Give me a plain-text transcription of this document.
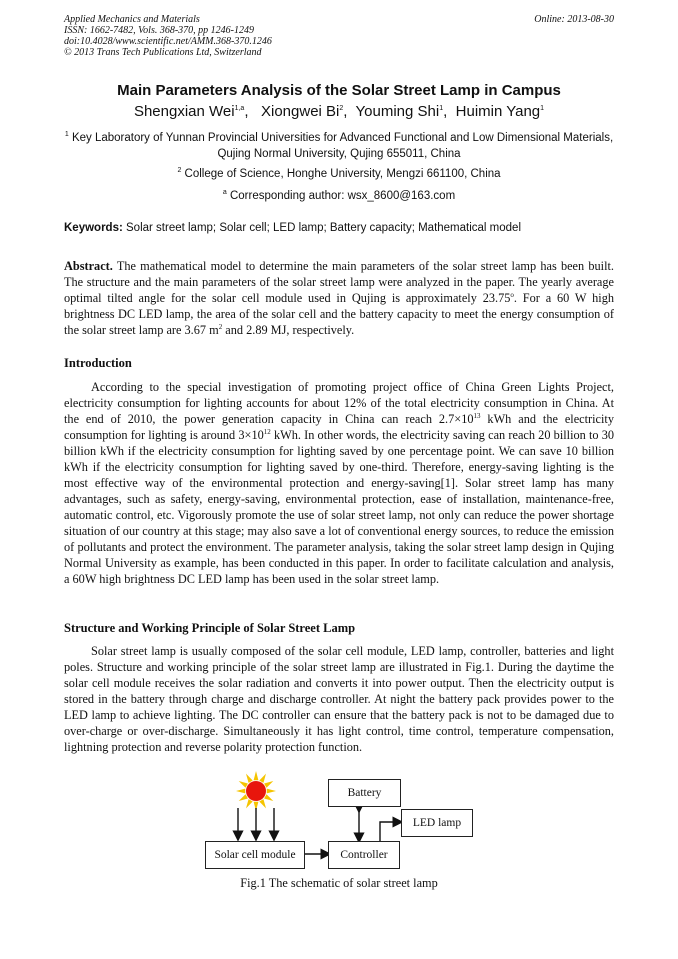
Applied Mechanics and Materials
ISSN: 1662-7482, Vols. 368-370, pp 1246-1249
doi:10.4028/www.scientific.net/AMM.368-370.1246
© 2013 Trans Tech Publications Ltd, Switzerland
Online: 2013-08-30
Main Parameters Analysis of the Solar Street Lamp in Campus
Shengxian Wei$^{1,a}$,   Xiongwei Bi$^2$,  Youming Shi$^1$,  Huimin Yang$^1$
$^1$ Key Laboratory of Yunnan Provincial Universities for Advanced Functional and Low Dimensional Materials, Qujing Normal University, Qujing 655011, China
$^2$ College of Science, Honghe University, Mengzi 661100, China
$^a$ Corresponding author: wsx_8600@163.com
Keywords: Solar street lamp; Solar cell; LED lamp; Battery capacity; Mathematical model
Abstract. The mathematical model to determine the main parameters of the solar street lamp has been built. The structure and the main parameters of the solar street lamp were analyzed in the paper. The yearly average optimal tilted angle for the solar cell module used in Qujing is approximately 23.75$^o$. For a 60 W high brightness DC LED lamp, the area of the solar cell and the battery capacity to meet the energy consumption of the solar street lamp are 3.67 $m^2$ and 2.89 MJ, respectively.
Introduction
According to the special investigation of promoting project office of China Green Lights Project, electricity consumption for lighting accounts for about 12% of the total electricity consumption in China. At the end of 2010, the power generation capacity in China can reach $2.7\times 10^{13}$ kWh and the electricity consumption for lighting is around $3\times 10^{12}$ kWh. In other words, the electricity saving can reach 20 billion to 30 billion kWh if the electricity consumption for lighting saved by one percentage point. We can save 10 billion kWh if the electricity consumption for lighting saved by one-third. Therefore, energy-saving lighting is the most effective way of the environmental protection and energy-saving[1]. Solar street lamp has many advantages, such as safety, energy-saving, environmental protection, ease of installation, maintenance-free, automatic control, etc. Vigorously promote the use of solar street lamp, not only can reduce the power shortage situation of our country at this stage; may also save a lot of conventional energy sources, to reduce the emission of pollutants and protect the environment. The parameter analysis, taking the solar street lamp design in Qujing Normal University as example, has been conducted in this paper. In order to facilitate calculation and analysis, a 60W high brightness DC LED lamp has been used in the solar street lamp.
Structure and Working Principle of Solar Street Lamp
Solar street lamp is usually composed of the solar cell module, LED lamp, controller, batteries and light poles. Structure and working principle of the solar street lamp are illustrated in Fig.1. During the daytime the solar cell module receives the solar radiation and converts it into power output. Then the electricity output is stored in the battery through charge and discharge controller. At night the battery pack provides power to the LED lamp to achieve lighting. The DC controller can ensure that the battery pack is not to be damaged due to over-charge or over-discharge. Simultaneously it has light control, time control, temperature compensation, lightning protection and reverse polarity protection function.
Battery
LED lamp
Solar cell module	Controller
Fig.1 The schematic of solar street lamp
